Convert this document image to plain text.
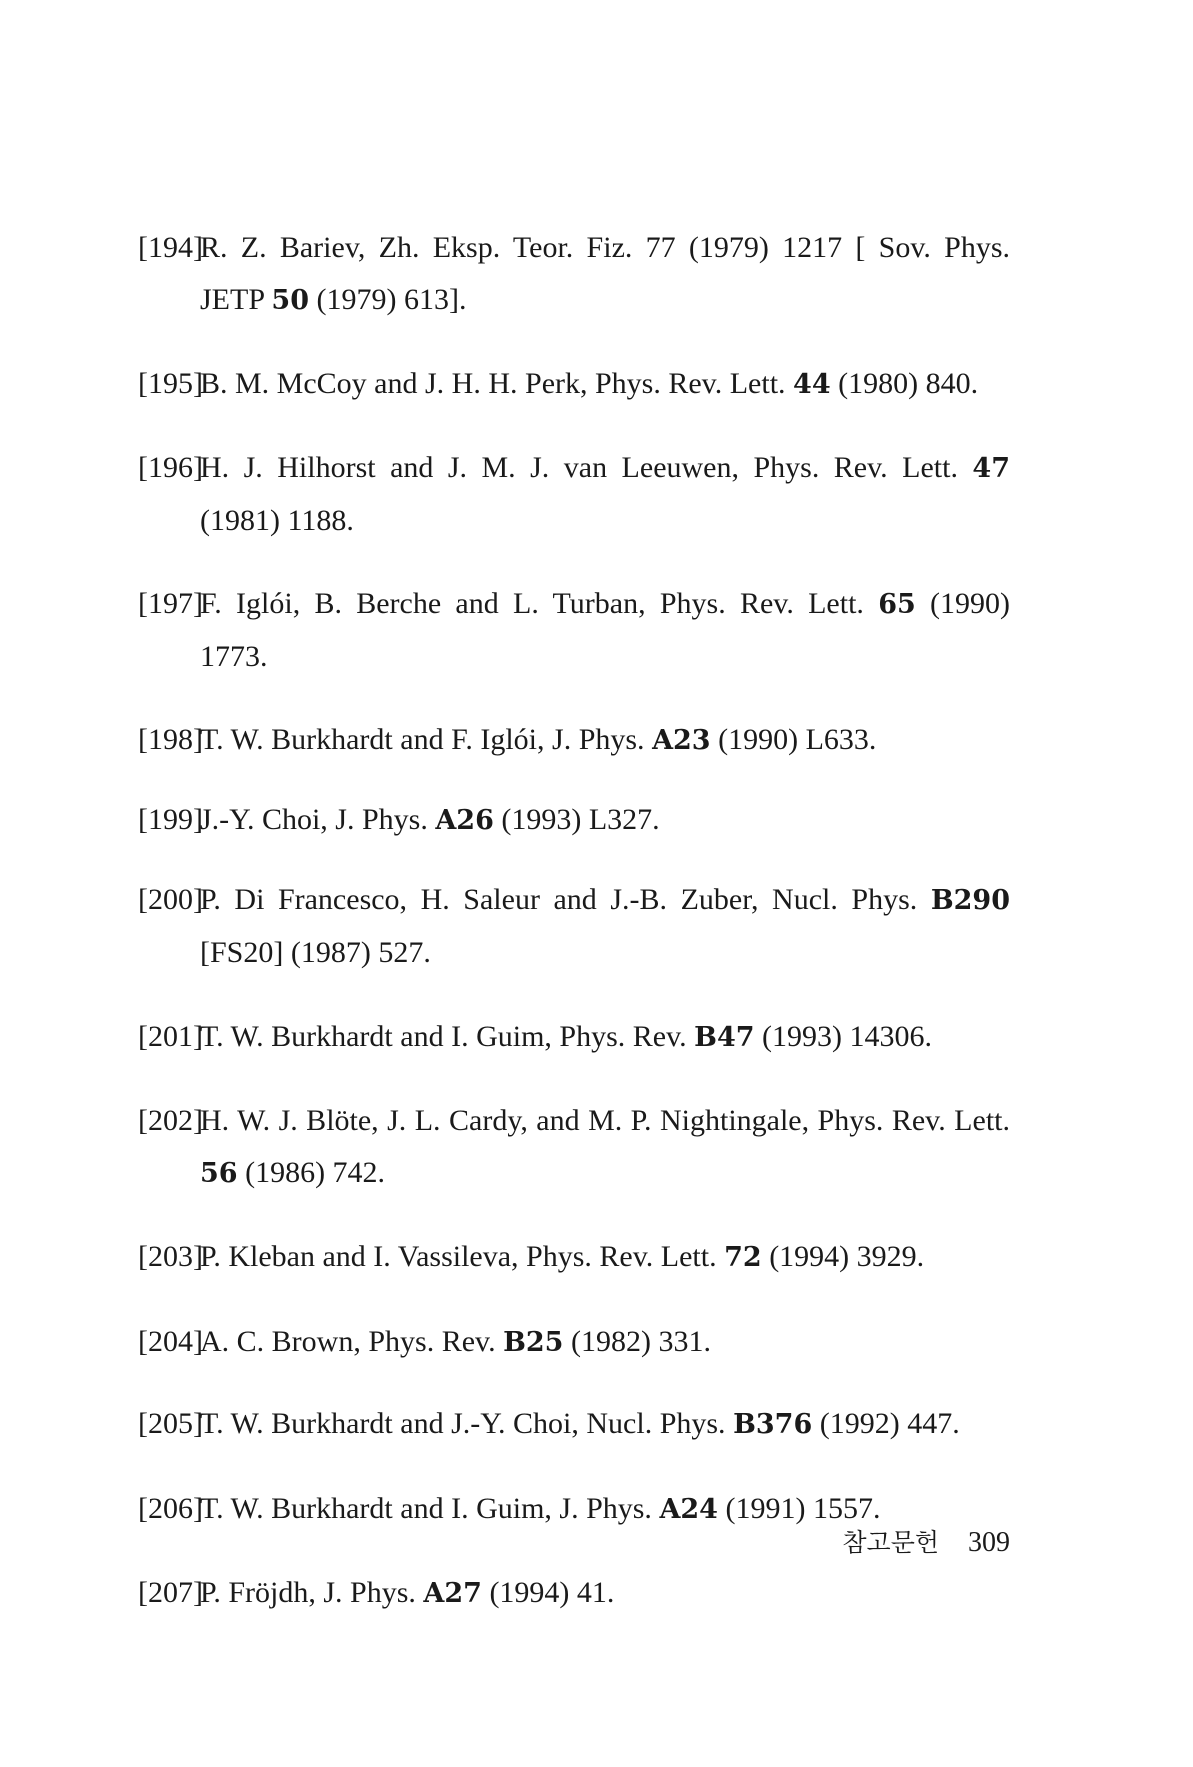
[194]
R. Z. Bariev, Zh. Eksp. Teor. Fiz. 77 (1979) 1217 [ Sov. Phys. JETP 50 (1979) 613].
[195]
B. M. McCoy and J. H. H. Perk, Phys. Rev. Lett. 44 (1980) 840.
[196]
H. J. Hilhorst and J. M. J. van Leeuwen, Phys. Rev. Lett. 47 (1981) 1188.
[197]
F. Iglói, B. Berche and L. Turban, Phys. Rev. Lett. 65 (1990) 1773.
[198]
T. W. Burkhardt and F. Iglói, J. Phys. A23 (1990) L633.
[199]
J.-Y. Choi, J. Phys. A26 (1993) L327.
[200]
P. Di Francesco, H. Saleur and J.-B. Zuber, Nucl. Phys. B290 [FS20] (1987) 527.
[201]
T. W. Burkhardt and I. Guim, Phys. Rev. B47 (1993) 14306.
[202]
H. W. J. Blöte, J. L. Cardy, and M. P. Nightingale, Phys. Rev. Lett. 56 (1986) 742.
[203]
P. Kleban and I. Vassileva, Phys. Rev. Lett. 72 (1994) 3929.
[204]
A. C. Brown, Phys. Rev. B25 (1982) 331.
[205]
T. W. Burkhardt and J.-Y. Choi, Nucl. Phys. B376 (1992) 447.
[206]
T. W. Burkhardt and I. Guim, J. Phys. A24 (1991) 1557.
[207]
P. Fröjdh, J. Phys. A27 (1994) 41.
참고문헌 309
